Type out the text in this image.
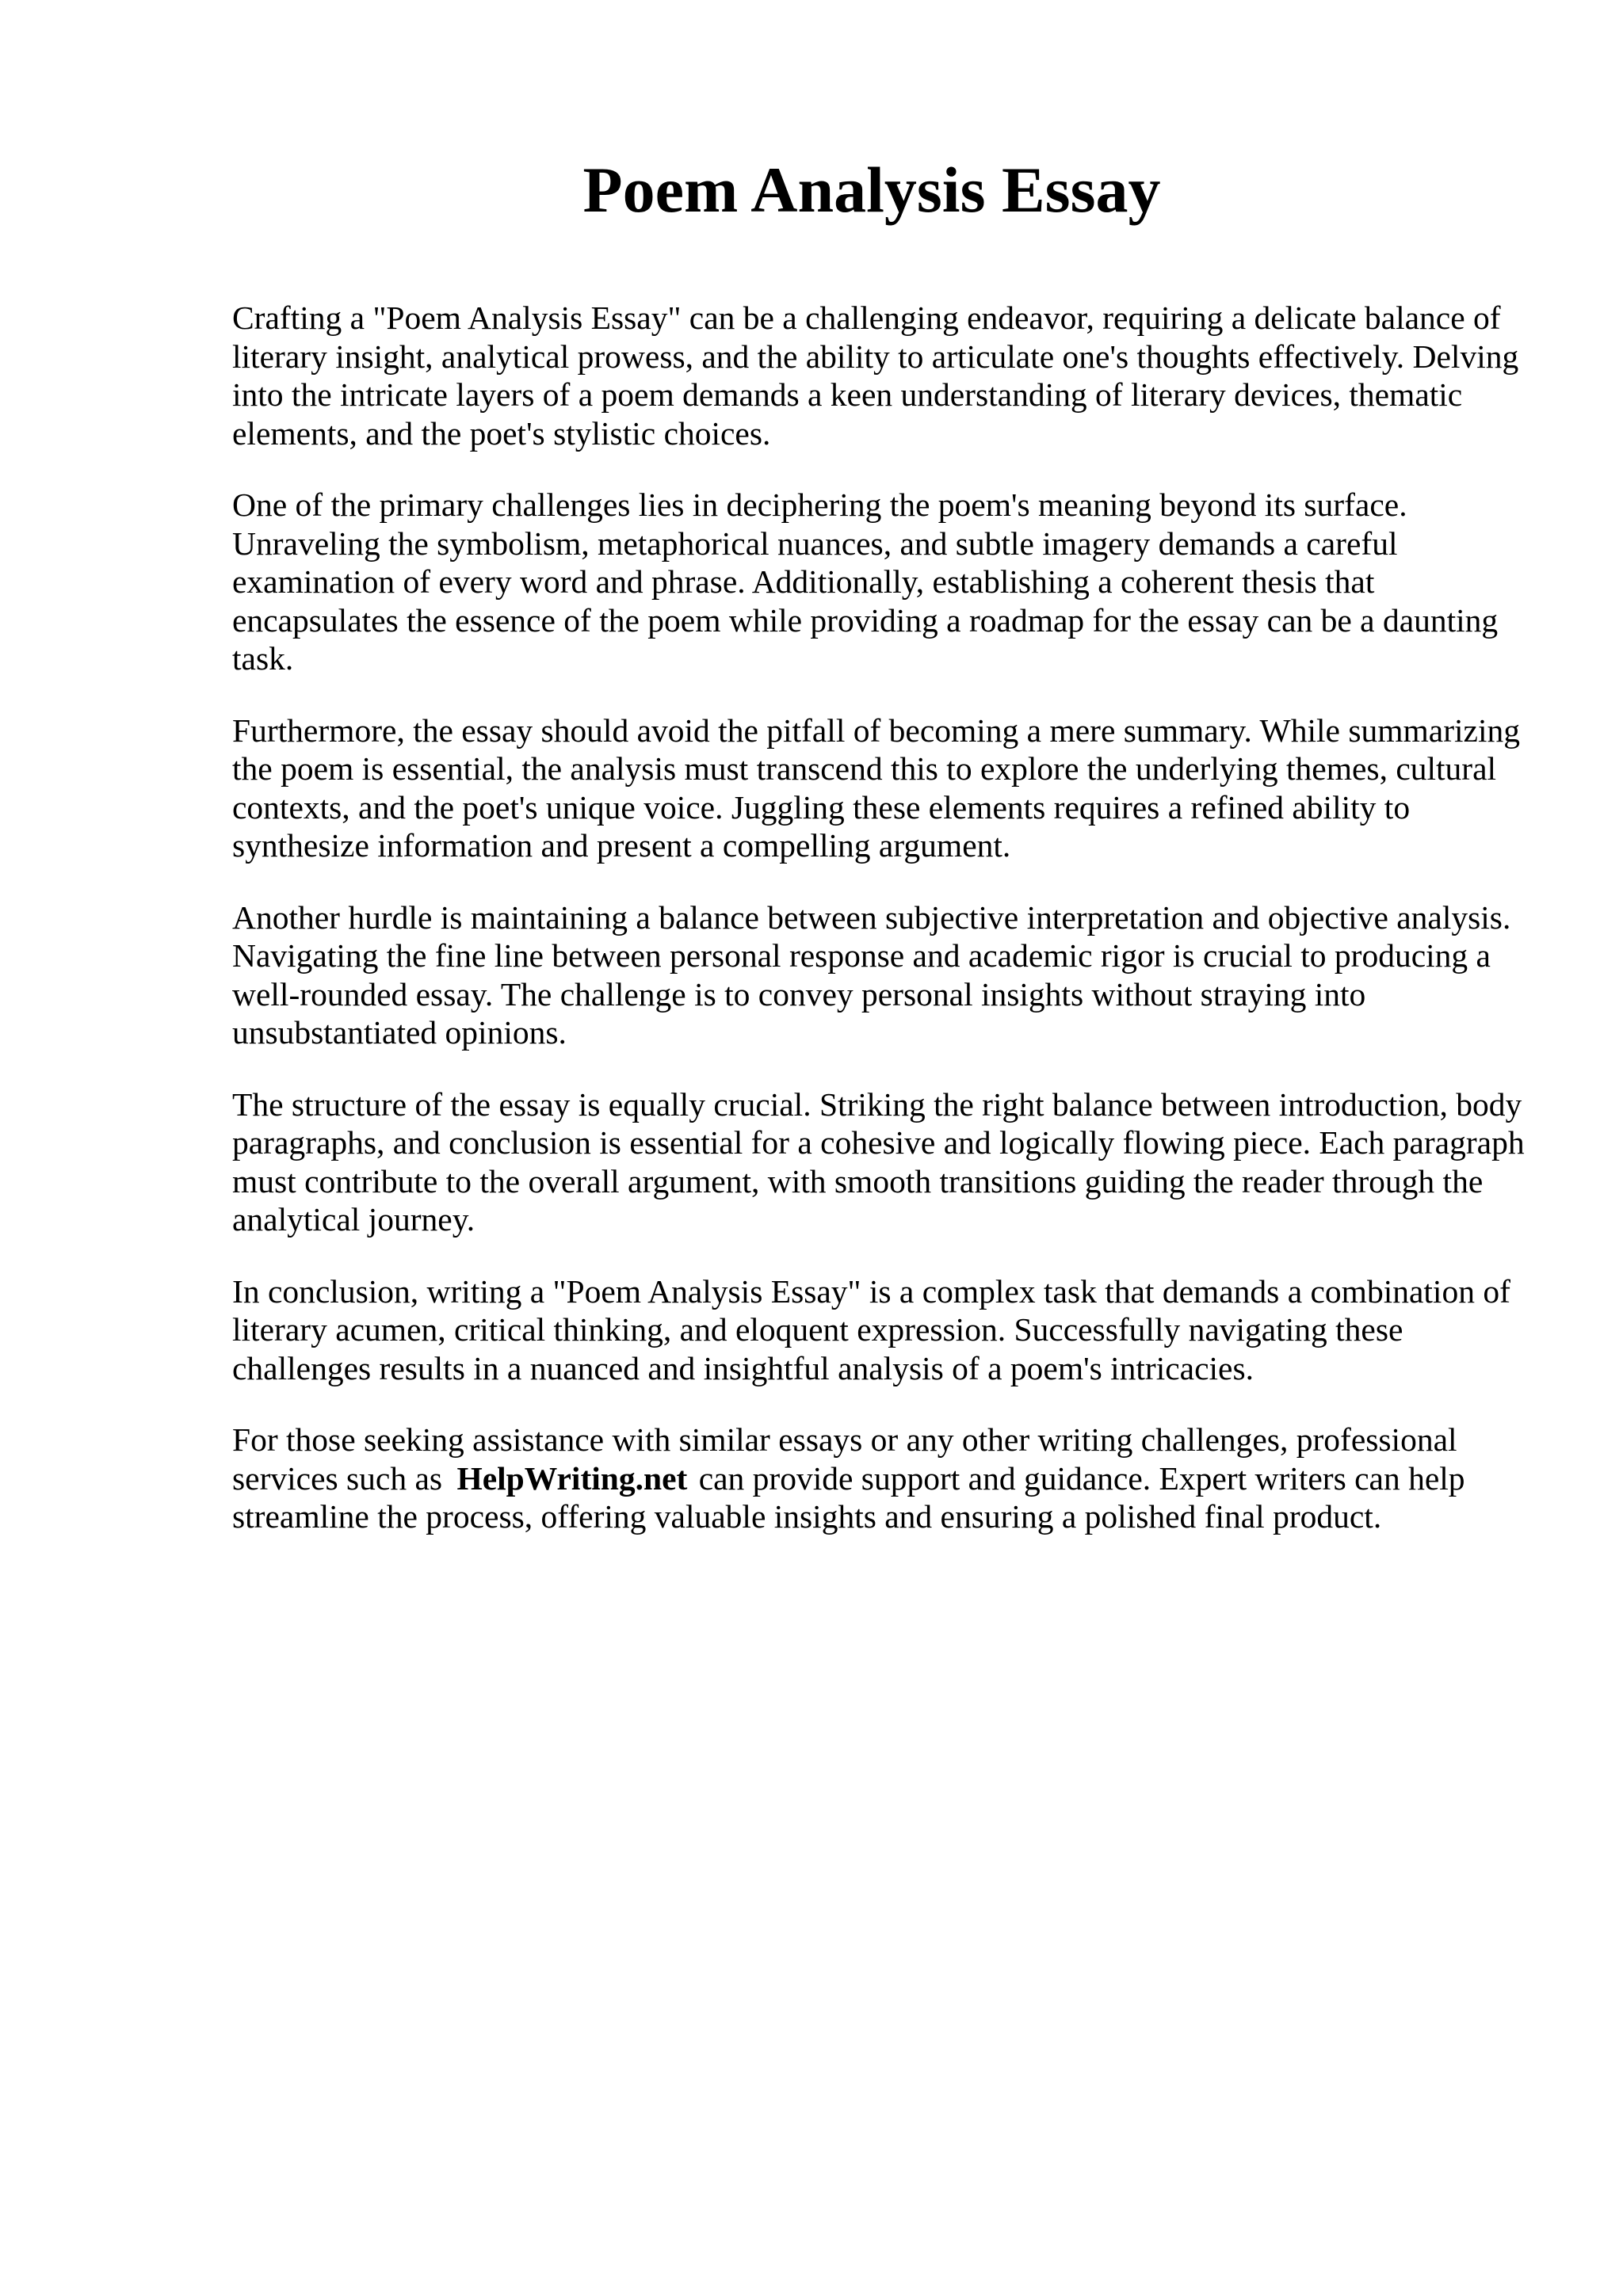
Poem Analysis Essay

Crafting a "Poem Analysis Essay" can be a challenging endeavor, requiring a delicate balance of literary insight, analytical prowess, and the ability to articulate one's thoughts effectively. Delving into the intricate layers of a poem demands a keen understanding of literary devices, thematic elements, and the poet's stylistic choices.

One of the primary challenges lies in deciphering the poem's meaning beyond its surface. Unraveling the symbolism, metaphorical nuances, and subtle imagery demands a careful examination of every word and phrase. Additionally, establishing a coherent thesis that encapsulates the essence of the poem while providing a roadmap for the essay can be a daunting task.

Furthermore, the essay should avoid the pitfall of becoming a mere summary. While summarizing the poem is essential, the analysis must transcend this to explore the underlying themes, cultural contexts, and the poet's unique voice. Juggling these elements requires a refined ability to synthesize information and present a compelling argument.

Another hurdle is maintaining a balance between subjective interpretation and objective analysis. Navigating the fine line between personal response and academic rigor is crucial to producing a well-rounded essay. The challenge is to convey personal insights without straying into unsubstantiated opinions.

The structure of the essay is equally crucial. Striking the right balance between introduction, body paragraphs, and conclusion is essential for a cohesive and logically flowing piece. Each paragraph must contribute to the overall argument, with smooth transitions guiding the reader through the analytical journey.

In conclusion, writing a "Poem Analysis Essay" is a complex task that demands a combination of literary acumen, critical thinking, and eloquent expression. Successfully navigating these challenges results in a nuanced and insightful analysis of a poem's intricacies.

For those seeking assistance with similar essays or any other writing challenges, professional services such as HelpWriting.net can provide support and guidance. Expert writers can help streamline the process, offering valuable insights and ensuring a polished final product.
